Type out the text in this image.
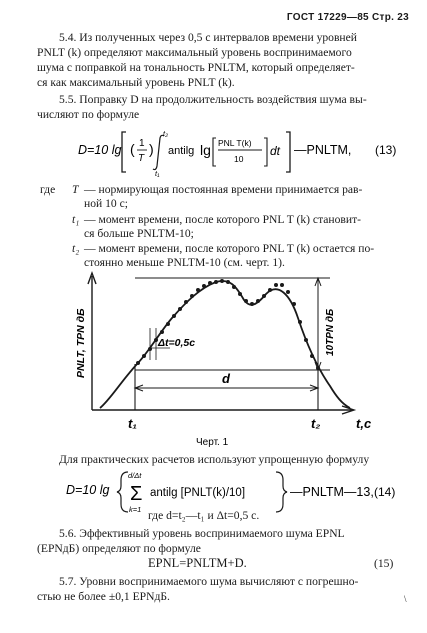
ГОСТ 17229—85 Стр. 23

5.4. Из полученных через 0,5 с интервалов времени уровней

PNLT (k) определяют максимальный уровень воспринимаемого

шума с поправкой на тональность PNLTM, который определяет-

ся как максимальный уровень PNLT (k).

5.5. Поправку D на продолжительность воздействия шума вы-

числяют по формуле

D=10 lg ( 1
T
)
t₂
t₁
antilg lg PNL T(k)
10
dt —PNLTM, (13)
где T — нормирующая постоянная времени принимается рав-
ной 10 с;
t₁ — момент времени, после которого PNL T (k) становит-
ся больше PNLTM-10;
t₂ — момент времени, после которого PNL T (k) остается по-
стоянно меньше PNLTM-10 (см. черт. 1).
10TPN дБ
Δt=0,5c
d
PNLT, TPN дБ
t₁	t₂	t,c
Черт. 1

Для практических расчетов используют упрощенную формулу

D=10 lg Σ
d/Δt
k=1
antilg [PNLT(k)/10]	—PNLTM—13, (14)
где d=t₂—t₁ и Δt=0,5 с.

5.6. Эффективный уровень воспринимаемого шума EPNL

(EPNдБ) определяют по формуле

EPNL=PNLTM+D.	(15)

5.7. Уровни воспринимаемого шума вычисляют с погрешно-

стью не более ±0,1 EPNдБ.	\
